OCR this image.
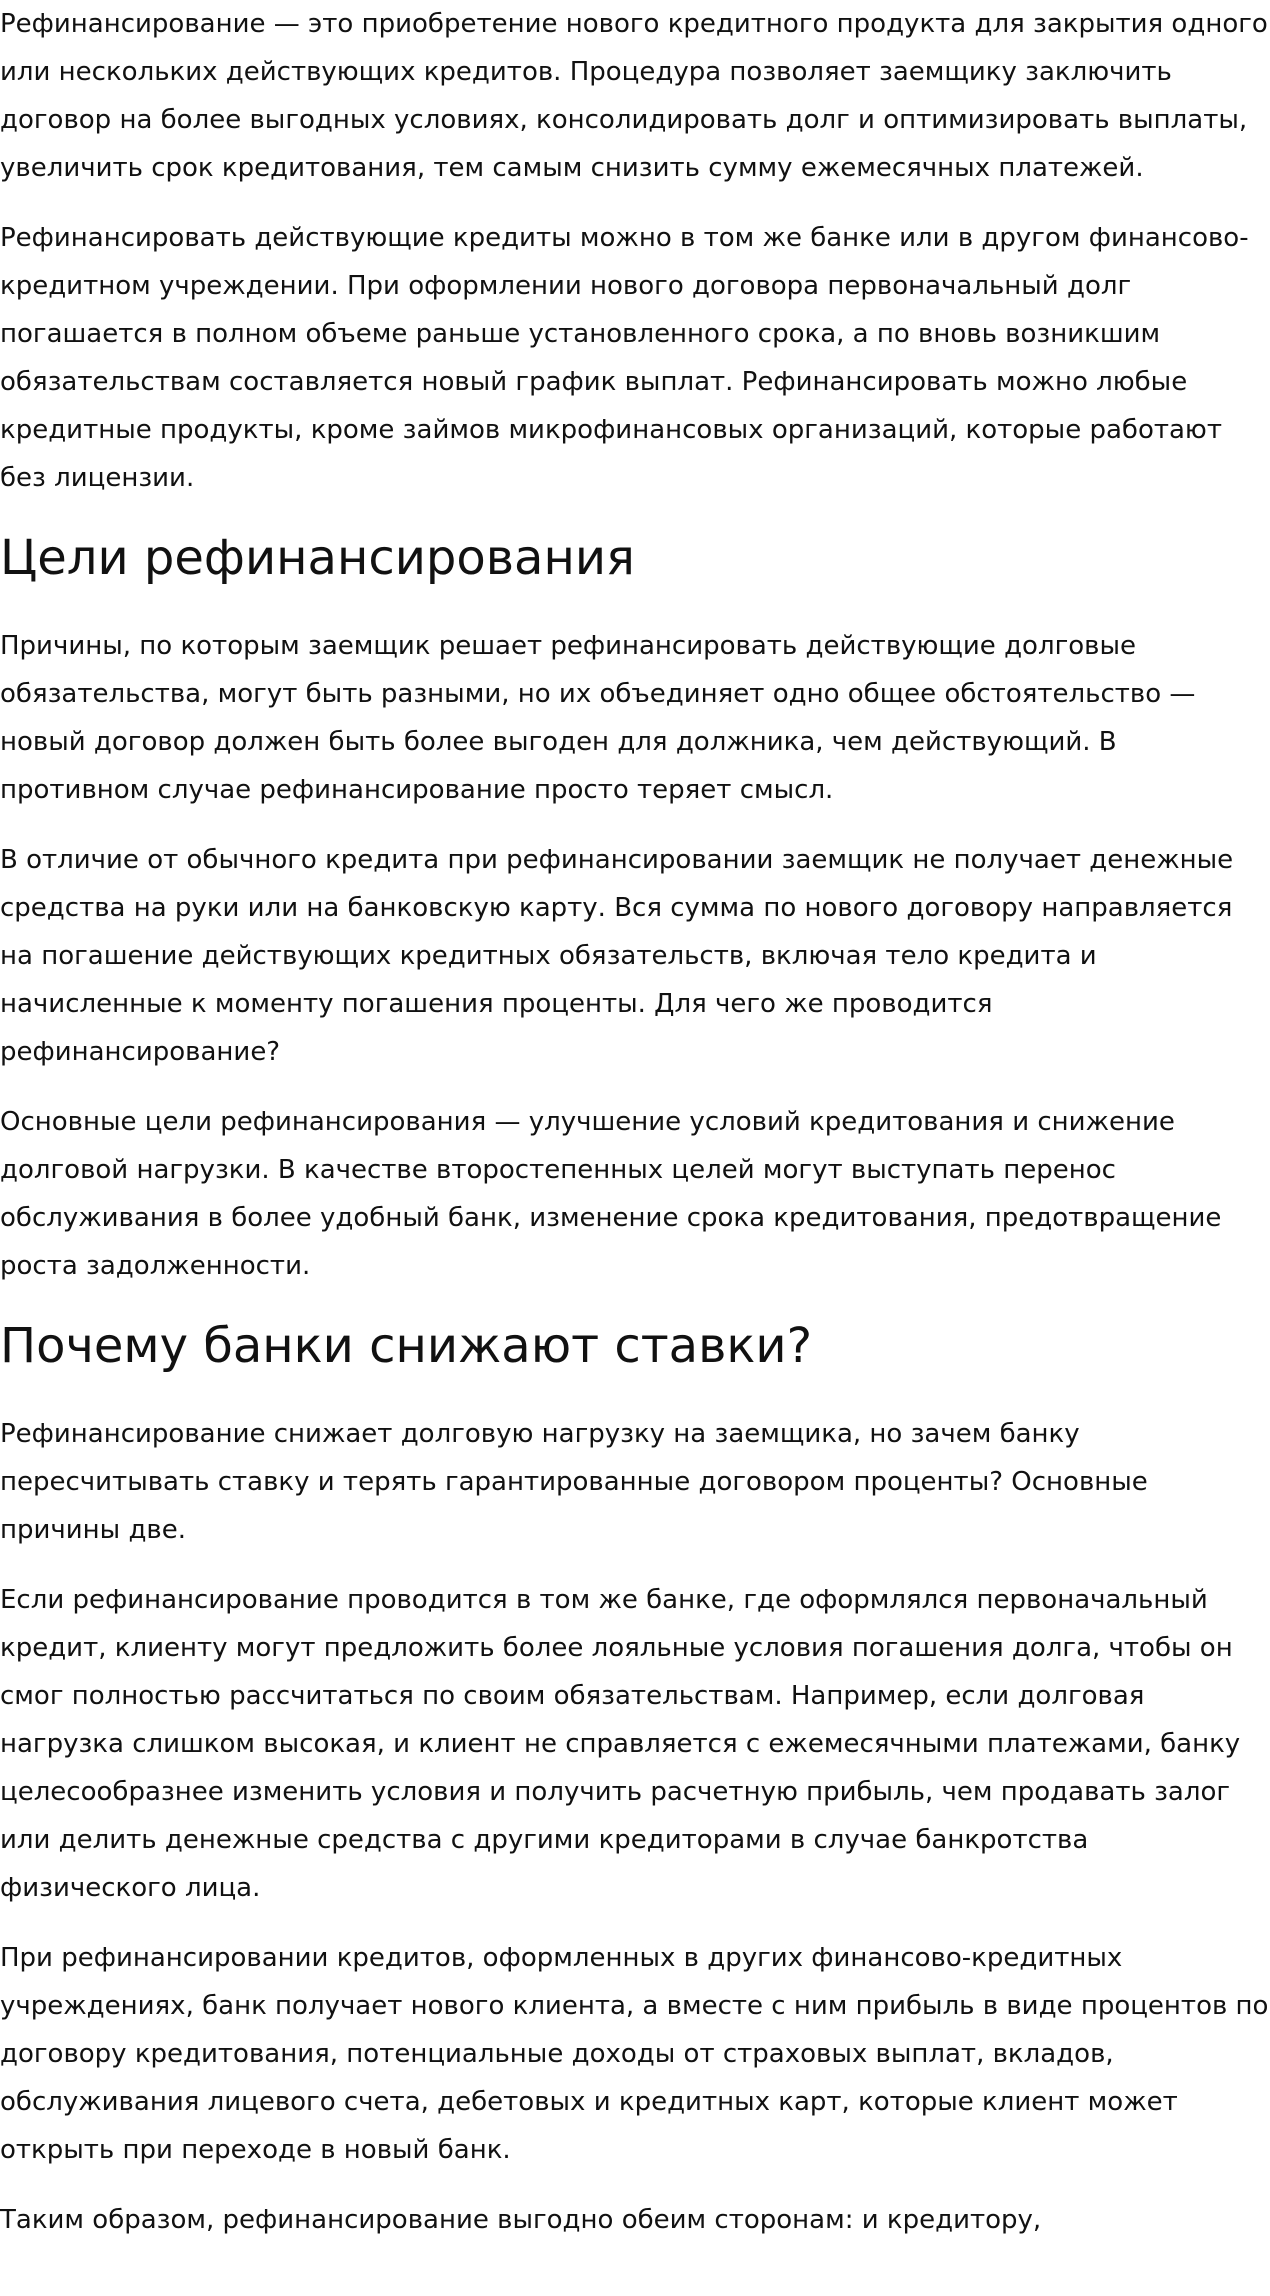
Рефинансирование — это приобретение нового кредитного продукта для закрытия одного или нескольких действующих кредитов. Процедура позволяет заемщику заключить договор на более выгодных условиях, консолидировать долг и оптимизировать выплаты, увеличить срок кредитования, тем самым снизить сумму ежемесячных платежей.

Рефинансировать действующие кредиты можно в том же банке или в другом финансово-кредитном учреждении. При оформлении нового договора первоначальный долг погашается в полном объеме раньше установленного срока, а по вновь возникшим обязательствам составляется новый график выплат. Рефинансировать можно любые кредитные продукты, кроме займов микрофинансовых организаций, которые работают без лицензии.

Цели рефинансирования

Причины, по которым заемщик решает рефинансировать действующие долговые обязательства, могут быть разными, но их объединяет одно общее обстоятельство — новый договор должен быть более выгоден для должника, чем действующий. В противном случае рефинансирование просто теряет смысл.

В отличие от обычного кредита при рефинансировании заемщик не получает денежные средства на руки или на банковскую карту. Вся сумма по нового договору направляется на погашение действующих кредитных обязательств, включая тело кредита и начисленные к моменту погашения проценты. Для чего же проводится рефинансирование?

Основные цели рефинансирования — улучшение условий кредитования и снижение долговой нагрузки. В качестве второстепенных целей могут выступать перенос обслуживания в более удобный банк, изменение срока кредитования, предотвращение роста задолженности.

Почему банки снижают ставки?

Рефинансирование снижает долговую нагрузку на заемщика, но зачем банку пересчитывать ставку и терять гарантированные договором проценты? Основные причины две.

Если рефинансирование проводится в том же банке, где оформлялся первоначальный кредит, клиенту могут предложить более лояльные условия погашения долга, чтобы он смог полностью рассчитаться по своим обязательствам. Например, если долговая нагрузка слишком высокая, и клиент не справляется с ежемесячными платежами, банку целесообразнее изменить условия и получить расчетную прибыль, чем продавать залог или делить денежные средства с другими кредиторами в случае банкротства физического лица.

При рефинансировании кредитов, оформленных в других финансово-кредитных учреждениях, банк получает нового клиента, а вместе с ним прибыль в виде процентов по договору кредитования, потенциальные доходы от страховых выплат, вкладов, обслуживания лицевого счета, дебетовых и кредитных карт, которые клиент может открыть при переходе в новый банк.

Таким образом, рефинансирование выгодно обеим сторонам: и кредитору,
